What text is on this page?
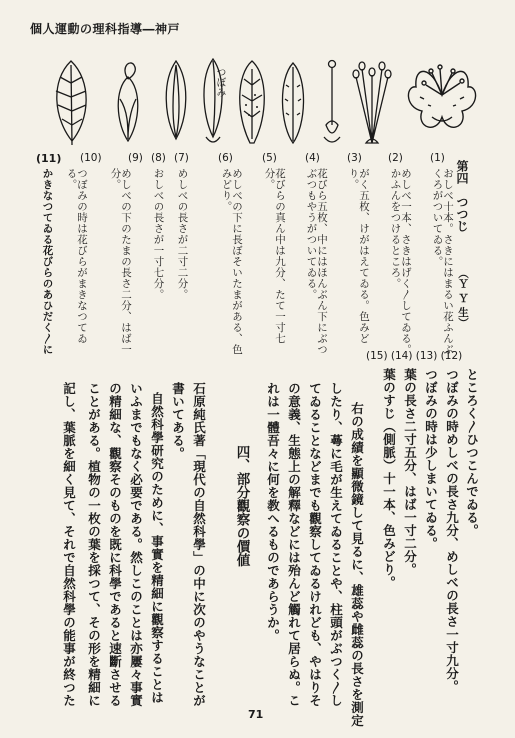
個人運動の理科指導―神戸
つぼみ
第四　つつじ
（Ｙ Ｙ 生）
(1)
おしべ十本。さきにはまるい花ふんぶくろがついてゐる。
(2)
めしべ一本、さきはげく〳してゐる。かふんをつけるところ。
(3)
がく五枚、けがはえてゐる。色みどり。
(4)
花びら五枚、中にはほんぶん下にぶつぶつもやうがついてゐる。
(5)
花びらの真ん中は九分、たて一寸七分。
(6)
めしべの下に長ぼそいたまがある、色みどり。
(7)
めしべの長さが二寸二分。
(8)
おしべの長さが一寸七分。
(9)
めしべの下のたまの長さ二分、はば一分。
(10)
つぼみの時は花びらがまきなつてゐる。
(11)
かきなつてゐる花びらのあひだく〳に
(15) (14) (13) (12)
ところく〳ひつこんでゐる。
つぼみの時めしべの長さ九分、めしべの長さ一寸九分。
つぼみの時は少しまいてゐる。
葉の長さ二寸五分、はば一寸二分。
葉のすじ（側脈）十一本、色みどり。
右の成績を顯微鏡して見るに、雄蕊や雌蕊の長さを測定
したり、蕚に毛が生えてゐることや、柱頭がぶつく〳し
てゐることなどまでも觀察してゐるけれども、やはりそ
の意義、生態上の解釋などには殆んど觸れて居らぬ。こ
れは一體吾々に何を教へるものであらうか。
石原純氏著「現代の自然科學」の中に次のやうなことが
書いてある。
自然科學研究のために、事實を精細に觀察することは
いふまでもなく必要である。然しこのことは亦屢々事實
の精細な、觀察そのものを既に科學であると速斷させる
ことがある。植物の一枚の葉を採つて、その形を精細に
記し、葉脈を細く見て、それで自然科學の能事が終つた	四、部分觀察の價値
71
